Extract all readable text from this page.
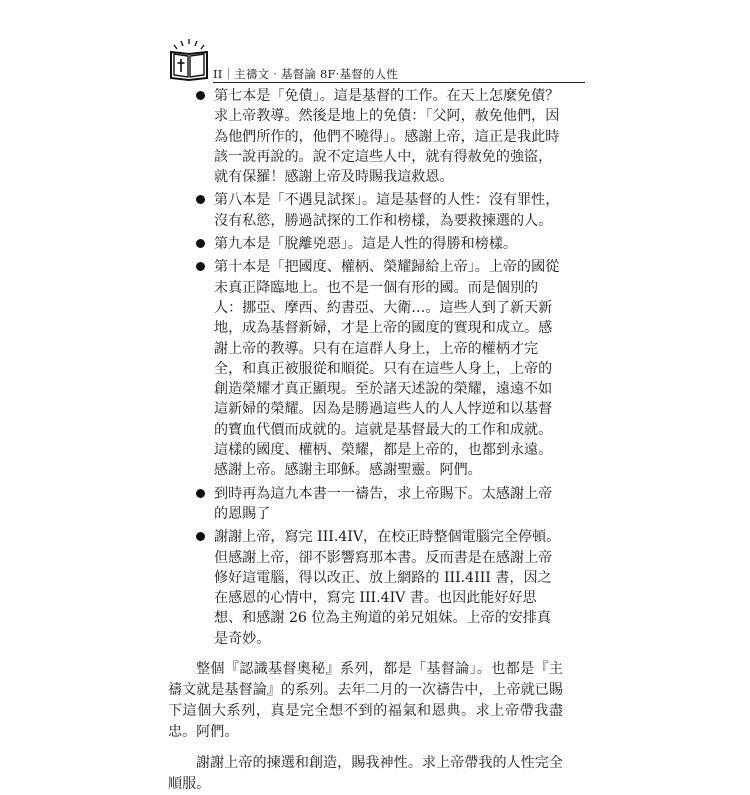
II｜主禱文‧基督論 8F‧基督的人性
第七本是「免債」。這是基督的工作。在天上怎麼免債？求上帝教導。然後是地上的免債：「父阿，赦免他們，因為他們所作的，他們不曉得」。感謝上帝，這正是我此時該一說再說的。說不定這些人中，就有得赦免的強盜，就有保羅！感謝上帝及時賜我這救恩。
第八本是「不遇見試探」。這是基督的人性：沒有罪性，沒有私慾，勝過試探的工作和榜樣，為要救揀選的人。
第九本是「脫離兇惡」。這是人性的得勝和榜樣。
第十本是「把國度、權柄、榮耀歸給上帝」。上帝的國從未真正降臨地上。也不是一個有形的國。而是個別的人：挪亞、摩西、約書亞、大衛…。這些人到了新天新地，成為基督新婦，才是上帝的國度的實現和成立。感謝上帝的教導。只有在這群人身上，上帝的權柄才完全，和真正被服從和順從。只有在這些人身上，上帝的創造榮耀才真正顯現。至於諸天述說的榮耀，遠遠不如這新婦的榮耀。因為是勝過這些人的人人悖逆和以基督的寶血代價而成就的。這就是基督最大的工作和成就。這樣的國度、權柄、榮耀，都是上帝的，也都到永遠。感謝上帝。感謝主耶穌。感謝聖靈。阿們。
到時再為這九本書一一禱告，求上帝賜下。太感謝上帝的恩賜了
謝謝上帝，寫完 III.4IV，在校正時整個電腦完全停頓。但感謝上帝，卻不影響寫那本書。反而書是在感謝上帝修好這電腦，得以改正、放上網路的 III.4III 書，因之在感恩的心情中，寫完 III.4IV 書。也因此能好好思想、和感謝 26 位為主殉道的弟兄姐妹。上帝的安排真是奇妙。

整個『認識基督奧秘』系列，都是「基督論」。也都是『主禱文就是基督論』的系列。去年二月的一次禱告中，上帝就已賜下這個大系列，真是完全想不到的福氣和恩典。求上帝帶我盡忠。阿們。

謝謝上帝的揀選和創造，賜我神性。求上帝帶我的人性完全順服。
